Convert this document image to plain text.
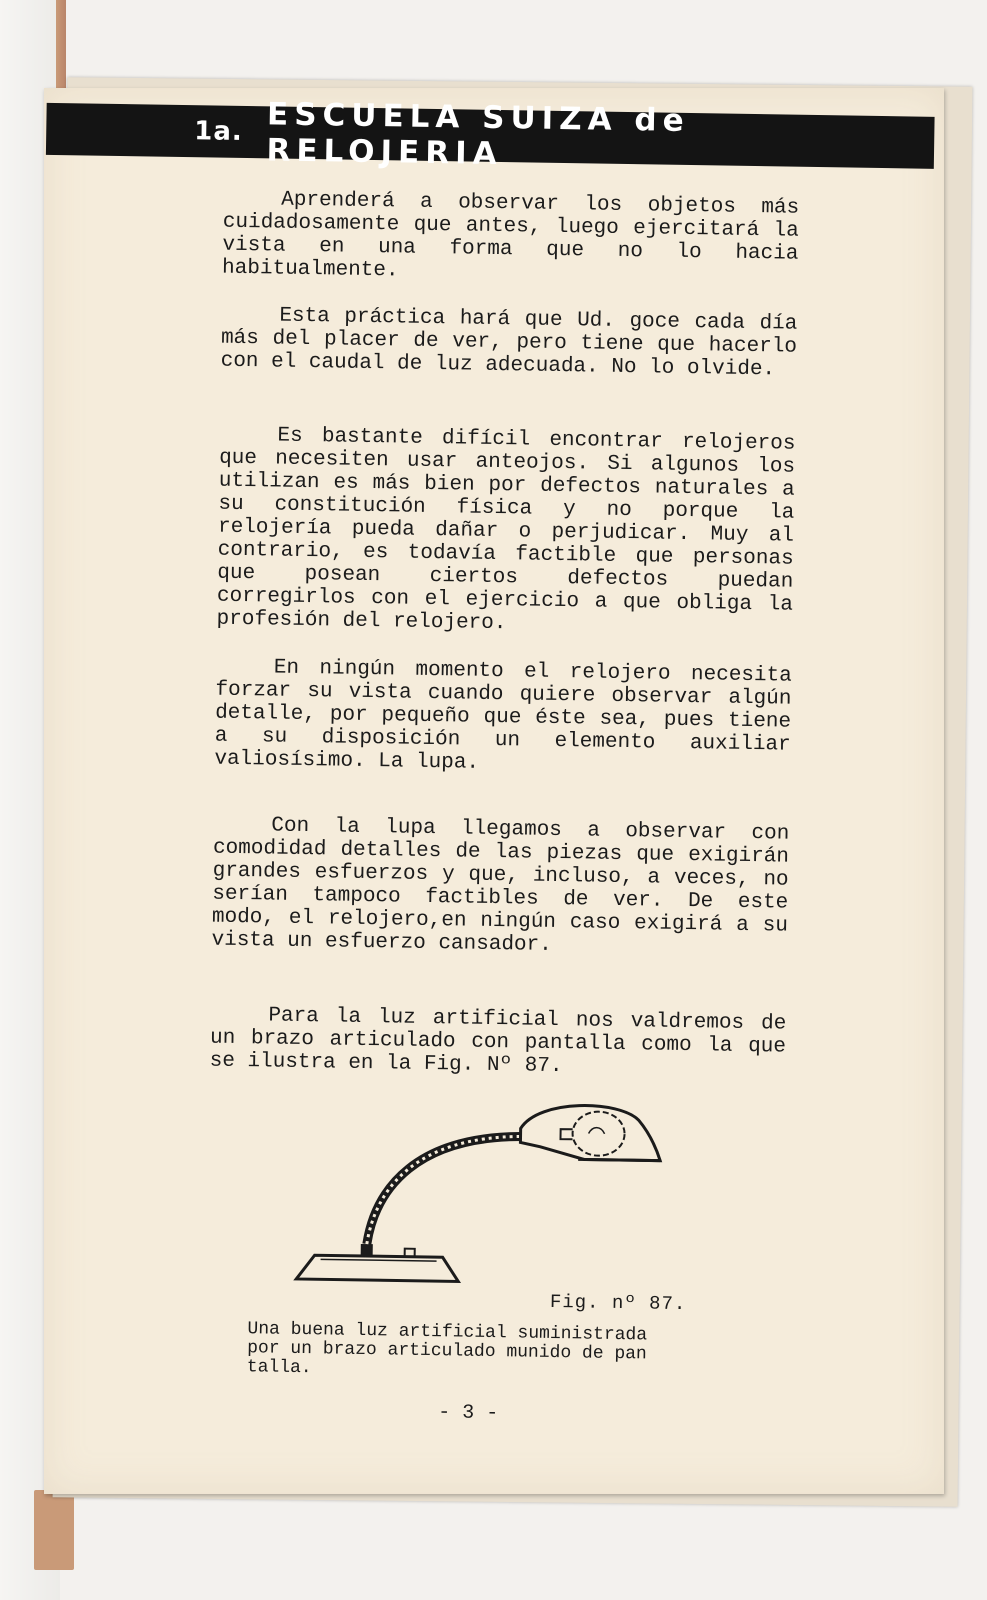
1a. ESCUELA SUIZA de RELOJERIA

Aprenderá a observar los objetos más cuidadosamente que antes, luego ejercitará la vista en una forma que no lo hacia habitualmente.

Esta práctica hará que Ud. goce cada día más del placer de ver, pero tiene que hacerlo con el caudal de luz adecuada. No lo olvide.

Es bastante difícil encontrar relojeros que necesiten usar anteojos. Si algunos los utilizan es más bien por defectos naturales a su constitución física y no porque la relojería pueda dañar o perjudicar. Muy al contrario, es todavía factible que personas que posean ciertos defectos puedan corregirlos con el ejercicio a que obliga la profesión del relojero.

En ningún momento el relojero necesita forzar su vista cuando quiere observar algún detalle, por pequeño que éste sea, pues tiene a su disposición un elemento auxiliar valiosísimo. La lupa.

Con la lupa llegamos a observar con comodidad detalles de las piezas que exigirán grandes esfuerzos y que, incluso, a veces, no serían tampoco factibles de ver. De este modo, el relojero,en ningún caso exigirá a su vista un esfuerzo cansador.

Para la luz artificial nos valdremos de un brazo articulado con pantalla como la que se ilustra en la Fig. Nº 87.

Fig. nº 87.
Una buena luz artificial suministrada
por un brazo articulado munido de pan
talla.
- 3 -
